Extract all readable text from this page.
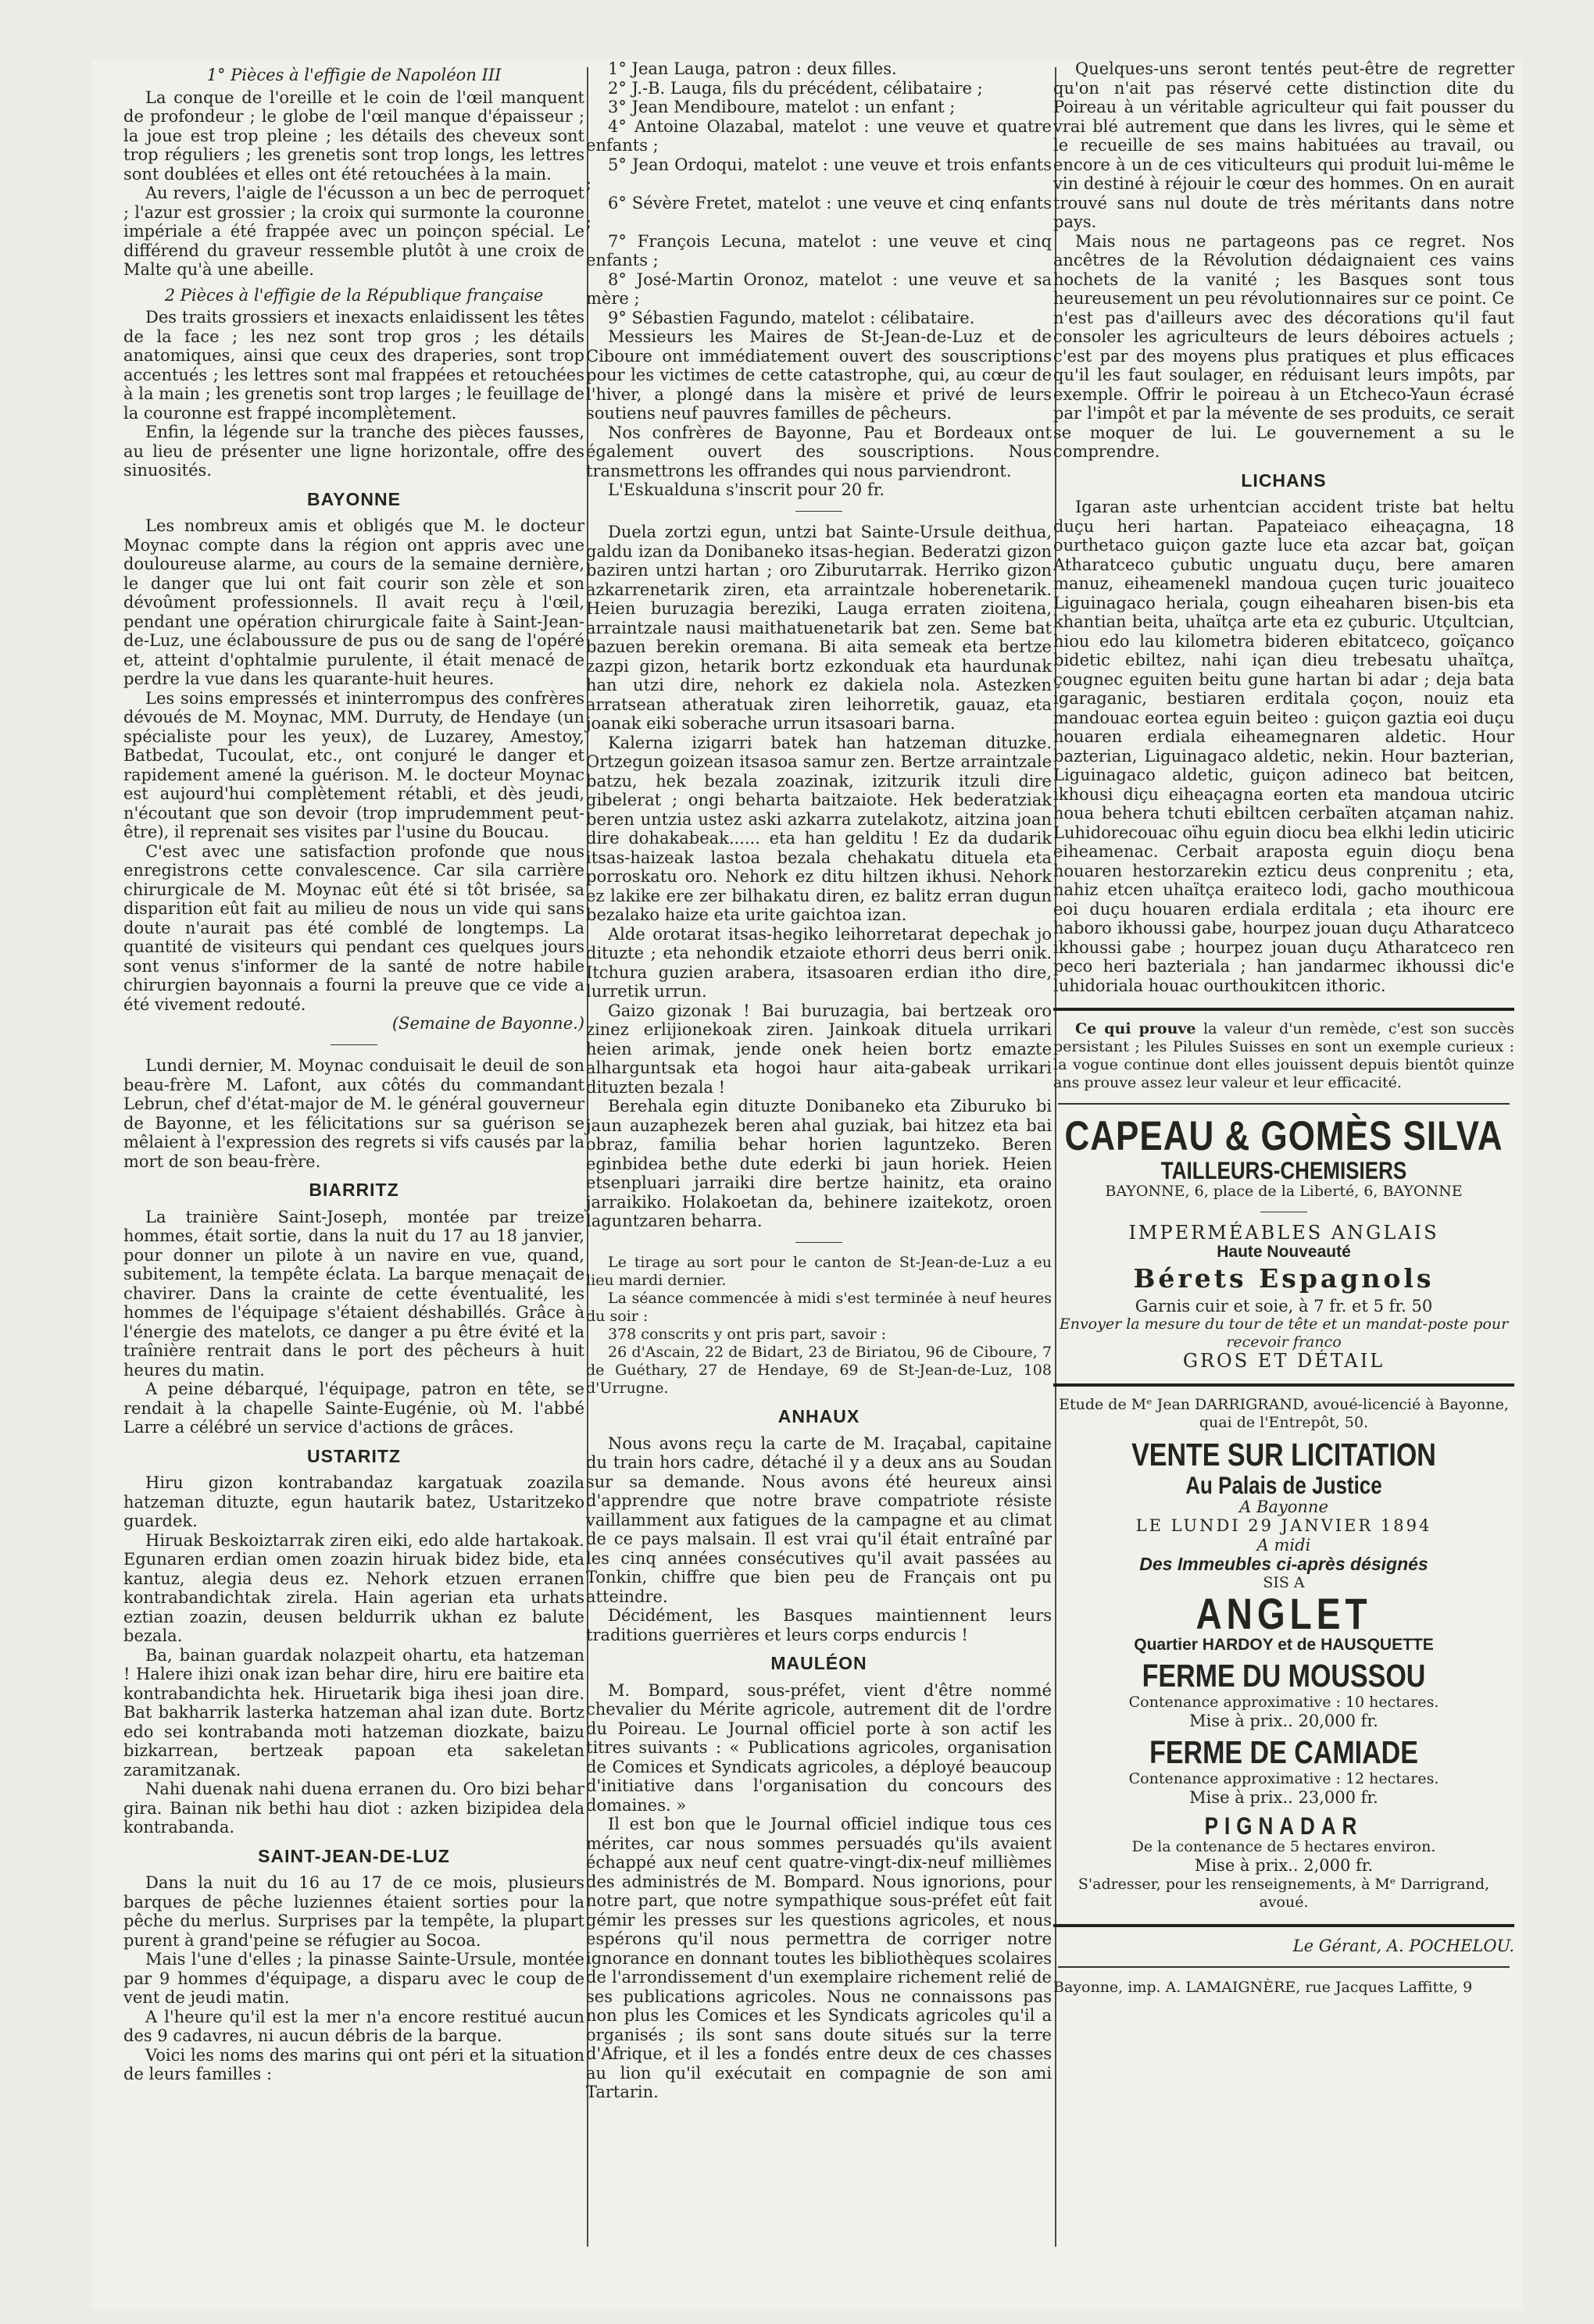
1° Pièces à l'effigie de Napoléon III

La conque de l'oreille et le coin de l'œil manquent de profondeur ; le globe de l'œil manque d'épaisseur ; la joue est trop pleine ; les détails des cheveux sont trop réguliers ; les grenetis sont trop longs, les lettres sont doublées et elles ont été retouchées à la main.

Au revers, l'aigle de l'écusson a un bec de perroquet ; l'azur est grossier ; la croix qui surmonte la couronne impériale a été frappée avec un poinçon spécial. Le différend du graveur ressemble plutôt à une croix de Malte qu'à une abeille.

2 Pièces à l'effigie de la République française

Des traits grossiers et inexacts enlaidissent les têtes de la face ; les nez sont trop gros ; les détails anatomiques, ainsi que ceux des draperies, sont trop accentués ; les lettres sont mal frappées et retouchées à la main ; les grenetis sont trop larges ; le feuillage de la couronne est frappé incomplètement.

Enfin, la légende sur la tranche des pièces fausses, au lieu de présenter une ligne horizontale, offre des sinuosités.

BAYONNE

Les nombreux amis et obligés que M. le docteur Moynac compte dans la région ont appris avec une douloureuse alarme, au cours de la semaine dernière, le danger que lui ont fait courir son zèle et son dévoûment professionnels. Il avait reçu à l'œil, pendant une opération chirurgicale faite à Saint-Jean-de-Luz, une éclaboussure de pus ou de sang de l'opéré et, atteint d'ophtalmie purulente, il était menacé de perdre la vue dans les quarante-huit heures.

Les soins empressés et ininterrompus des confrères dévoués de M. Moynac, MM. Durruty, de Hendaye (un spécialiste pour les yeux), de Luzarey, Amestoy, Batbedat, Tucoulat, etc., ont conjuré le danger et rapidement amené la guérison. M. le docteur Moynac est aujourd'hui complètement rétabli, et dès jeudi, n'écoutant que son devoir (trop imprudemment peut-être), il reprenait ses visites par l'usine du Boucau.

C'est avec une satisfaction profonde que nous enregistrons cette convalescence. Car sila carrière chirurgicale de M. Moynac eût été si tôt brisée, sa disparition eût fait au milieu de nous un vide qui sans doute n'aurait pas été comblé de longtemps. La quantité de visiteurs qui pendant ces quelques jours sont venus s'informer de la santé de notre habile chirurgien bayonnais a fourni la preuve que ce vide a été vivement redouté.

(Semaine de Bayonne.)

Lundi dernier, M. Moynac conduisait le deuil de son beau-frère M. Lafont, aux côtés du commandant Lebrun, chef d'état-major de M. le général gouverneur de Bayonne, et les félicitations sur sa guérison se mêlaient à l'expression des regrets si vifs causés par la mort de son beau-frère.

BIARRITZ

La trainière Saint-Joseph, montée par treize hommes, était sortie, dans la nuit du 17 au 18 janvier, pour donner un pilote à un navire en vue, quand, subitement, la tempête éclata. La barque menaçait de chavirer. Dans la crainte de cette éventualité, les hommes de l'équipage s'étaient déshabillés. Grâce à l'énergie des matelots, ce danger a pu être évité et la traînière rentrait dans le port des pêcheurs à huit heures du matin.

A peine débarqué, l'équipage, patron en tête, se rendait à la chapelle Sainte-Eugénie, où M. l'abbé Larre a célébré un service d'actions de grâces.

USTARITZ

Hiru gizon kontrabandaz kargatuak zoazila hatzeman dituzte, egun hautarik batez, Ustaritzeko guardek.

Hiruak Beskoiztarrak ziren eiki, edo alde hartakoak. Egunaren erdian omen zoazin hiruak bidez bide, eta kantuz, alegia deus ez. Nehork etzuen erranen kontrabandichtak zirela. Hain agerian eta urhats eztian zoazin, deusen beldurrik ukhan ez balute bezala.

Ba, bainan guardak nolazpeit ohartu, eta hatzeman ! Halere ihizi onak izan behar dire, hiru ere baitire eta kontrabandichta hek. Hiruetarik biga ihesi joan dire. Bat bakharrik lasterka hatzeman ahal izan dute. Bortz edo sei kontrabanda moti hatzeman diozkate, baizu bizkarrean, bertzeak papoan eta sakeletan zaramitzanak.

Nahi duenak nahi duena erranen du. Oro bizi behar gira. Bainan nik bethi hau diot : azken bizipidea dela kontrabanda.

SAINT-JEAN-DE-LUZ

Dans la nuit du 16 au 17 de ce mois, plusieurs barques de pêche luziennes étaient sorties pour la pêche du merlus. Surprises par la tempête, la plupart purent à grand'peine se réfugier au Socoa.

Mais l'une d'elles ; la pinasse Sainte-Ursule, montée par 9 hommes d'équipage, a disparu avec le coup de vent de jeudi matin.

A l'heure qu'il est la mer n'a encore restitué aucun des 9 cadavres, ni aucun débris de la barque.

Voici les noms des marins qui ont péri et la situation de leurs familles :

1° Jean Lauga, patron : deux filles.

2° J.-B. Lauga, fils du précédent, célibataire ;

3° Jean Mendiboure, matelot : un enfant ;

4° Antoine Olazabal, matelot : une veuve et quatre enfants ;

5° Jean Ordoqui, matelot : une veuve et trois enfants ;

6° Sévère Fretet, matelot : une veuve et cinq enfants ;

7° François Lecuna, matelot : une veuve et cinq enfants ;

8° José-Martin Oronoz, matelot : une veuve et sa mère ;

9° Sébastien Fagundo, matelot : célibataire.

Messieurs les Maires de St-Jean-de-Luz et de Ciboure ont immédiatement ouvert des souscriptions pour les victimes de cette catastrophe, qui, au cœur de l'hiver, a plongé dans la misère et privé de leurs soutiens neuf pauvres familles de pêcheurs.

Nos confrères de Bayonne, Pau et Bordeaux ont également ouvert des souscriptions. Nous transmettrons les offrandes qui nous parviendront.

L'Eskualduna s'inscrit pour 20 fr.

Duela zortzi egun, untzi bat Sainte-Ursule deithua, galdu izan da Donibaneko itsas-hegian. Bederatzi gizon baziren untzi hartan ; oro Ziburutarrak. Herriko gizon azkarrenetarik ziren, eta arraintzale hoberenetarik. Heien buruzagia bereziki, Lauga erraten zioitena, arraintzale nausi maithatuenetarik bat zen. Seme bat bazuen berekin oremana. Bi aita semeak eta bertze zazpi gizon, hetarik bortz ezkonduak eta haurdunak han utzi dire, nehork ez dakiela nola. Astezken arratsean atheratuak ziren leihorretik, gauaz, eta joanak eiki soberache urrun itsasoari barna.

Kalerna izigarri batek han hatzeman dituzke. Ortzegun goizean itsasoa samur zen. Bertze arraintzale batzu, hek bezala zoazinak, izitzurik itzuli dire gibelerat ; ongi beharta baitzaiote. Hek bederatziak beren untzia ustez aski azkarra zutelakotz, aitzina joan dire dohakabeak...... eta han gelditu ! Ez da dudarik itsas-haizeak lastoa bezala chehakatu dituela eta porroskatu oro. Nehork ez ditu hiltzen ikhusi. Nehork ez lakike ere zer bilhakatu diren, ez balitz erran dugun bezalako haize eta urite gaichtoa izan.

Alde orotarat itsas-hegiko leihorretarat depechak jo dituzte ; eta nehondik etzaiote ethorri deus berri onik. Itchura guzien arabera, itsasoaren erdian itho dire, lurretik urrun.

Gaizo gizonak ! Bai buruzagia, bai bertzeak oro zinez erlijionekoak ziren. Jainkoak dituela urrikari heien arimak, jende onek heien bortz emazte alharguntsak eta hogoi haur aita-gabeak urrikari dituzten bezala !

Berehala egin dituzte Donibaneko eta Ziburuko bi jaun auzaphezek beren ahal guziak, bai hitzez eta bai obraz, familia behar horien laguntzeko. Beren eginbidea bethe dute ederki bi jaun horiek. Heien etsenpluari jarraiki dire bertze hainitz, eta oraino jarraikiko. Holakoetan da, behinere izaitekotz, oroen laguntzaren beharra.

Le tirage au sort pour le canton de St-Jean-de-Luz a eu lieu mardi dernier.

La séance commencée à midi s'est terminée à neuf heures du soir :

378 conscrits y ont pris part, savoir :

26 d'Ascain, 22 de Bidart, 23 de Biriatou, 96 de Ciboure, 7 de Guéthary, 27 de Hendaye, 69 de St-Jean-de-Luz, 108 d'Urrugne.

ANHAUX

Nous avons reçu la carte de M. Iraçabal, capitaine du train hors cadre, détaché il y a deux ans au Soudan sur sa demande. Nous avons été heureux ainsi d'apprendre que notre brave compatriote résiste vaillamment aux fatigues de la campagne et au climat de ce pays malsain. Il est vrai qu'il était entraîné par les cinq années consécutives qu'il avait passées au Tonkin, chiffre que bien peu de Français ont pu atteindre.

Décidément, les Basques maintiennent leurs traditions guerrières et leurs corps endurcis !

MAULÉON

M. Bompard, sous-préfet, vient d'être nommé chevalier du Mérite agricole, autrement dit de l'ordre du Poireau. Le Journal officiel porte à son actif les titres suivants : « Publications agricoles, organisation de Comices et Syndicats agricoles, a déployé beaucoup d'initiative dans l'organisation du concours des domaines. »

Il est bon que le Journal officiel indique tous ces mérites, car nous sommes persuadés qu'ils avaient échappé aux neuf cent quatre-vingt-dix-neuf millièmes des administrés de M. Bompard. Nous ignorions, pour notre part, que notre sympathique sous-préfet eût fait gémir les presses sur les questions agricoles, et nous espérons qu'il nous permettra de corriger notre ignorance en donnant toutes les bibliothèques scolaires de l'arrondissement d'un exemplaire richement relié de ses publications agricoles. Nous ne connaissons pas non plus les Comices et les Syndicats agricoles qu'il a organisés ; ils sont sans doute situés sur la terre d'Afrique, et il les a fondés entre deux de ces chasses au lion qu'il exécutait en compagnie de son ami Tartarin.

Quelques-uns seront tentés peut-être de regretter qu'on n'ait pas réservé cette distinction dite du Poireau à un véritable agriculteur qui fait pousser du vrai blé autrement que dans les livres, qui le sème et le recueille de ses mains habituées au travail, ou encore à un de ces viticulteurs qui produit lui-même le vin destiné à réjouir le cœur des hommes. On en aurait trouvé sans nul doute de très méritants dans notre pays.

Mais nous ne partageons pas ce regret. Nos ancêtres de la Révolution dédaignaient ces vains hochets de la vanité ; les Basques sont tous heureusement un peu révolutionnaires sur ce point. Ce n'est pas d'ailleurs avec des décorations qu'il faut consoler les agriculteurs de leurs déboires actuels ; c'est par des moyens plus pratiques et plus efficaces qu'il les faut soulager, en réduisant leurs impôts, par exemple. Offrir le poireau à un Etcheco-Yaun écrasé par l'impôt et par la mévente de ses produits, ce serait se moquer de lui. Le gouvernement a su le comprendre.

LICHANS

Igaran aste urhentcian accident triste bat heltu duçu heri hartan. Papateiaco eiheaçagna, 18 ourthetaco guiçon gazte luce eta azcar bat, goïçan Atharatceco çubutic unguatu duçu, bere amaren manuz, eiheamenekl mandoua çuçen turic jouaiteco Liguinagaco heriala, çougn eiheaharen bisen-bis eta khantian beita, uhaïtça arte eta ez çuburic. Utçultcian, hiou edo lau kilometra bideren ebitatceco, goïçanco bidetic ebiltez, nahi içan dieu trebesatu uhaïtça, çougnec eguiten beitu gune hartan bi adar ; deja bata igaraganic, bestiaren erditala çoçon, nouiz eta mandouac eortea eguin beiteo : guiçon gaztia eoi duçu houaren erdiala eiheamegnaren aldetic. Hour bazterian, Liguinagaco aldetic, nekin. Hour bazterian, Liguinagaco aldetic, guiçon adineco bat beitcen, ikhousi diçu eiheaçagna eorten eta mandoua utciric houa behera tchuti ebiltcen cerbaïten atçaman nahiz. Luhidorecouac oïhu eguin diocu bea elkhi ledin uticiric eiheamenac. Cerbait araposta eguin dioçu bena houaren hestorzarekin ezticu deus conprenitu ; eta, nahiz etcen uhaïtça eraiteco lodi, gacho mouthicoua eoi duçu houaren erdiala erditala ; eta ihourc ere haboro ikhoussi gabe, hourpez jouan duçu Atharatceco ikhoussi gabe ; hourpez jouan duçu Atharatceco ren peco heri bazteriala ; han jandarmec ikhoussi dic'e luhidoriala houac ourthoukitcen ithoric.

Ce qui prouve la valeur d'un remède, c'est son succès persistant ; les Pilules Suisses en sont un exemple curieux : la vogue continue dont elles jouissent depuis bientôt quinze ans prouve assez leur valeur et leur efficacité.

CAPEAU & GOMÈS SILVA
TAILLEURS-CHEMISIERS

BAYONNE, 6, place de la Liberté, 6, BAYONNE

IMPERMÉABLES ANGLAIS

Haute Nouveauté

Bérets Espagnols

Garnis cuir et soie, à 7 fr. et 5 fr. 50

Envoyer la mesure du tour de tête et un mandat-poste pour recevoir franco

GROS ET DÉTAIL

Etude de Mᵉ Jean DARRIGRAND, avoué-licencié à Bayonne, quai de l'Entrepôt, 50.

VENTE SUR LICITATION
Au Palais de Justice

A Bayonne

LE LUNDI 29 JANVIER 1894

A midi

Des Immeubles ci-après désignés

SIS A

ANGLET

Quartier HARDOY et de HAUSQUETTE

FERME DU MOUSSOU

Contenance approximative : 10 hectares.

Mise à prix.. 20,000 fr.

FERME DE CAMIADE

Contenance approximative : 12 hectares.

Mise à prix.. 23,000 fr.

PIGNADAR

De la contenance de 5 hectares environ.

Mise à prix.. 2,000 fr.

S'adresser, pour les renseignements, à Mᵉ Darrigrand, avoué.

Le Gérant, A. POCHELOU.

Bayonne, imp. A. LAMAIGNÈRE, rue Jacques Laffitte, 9
